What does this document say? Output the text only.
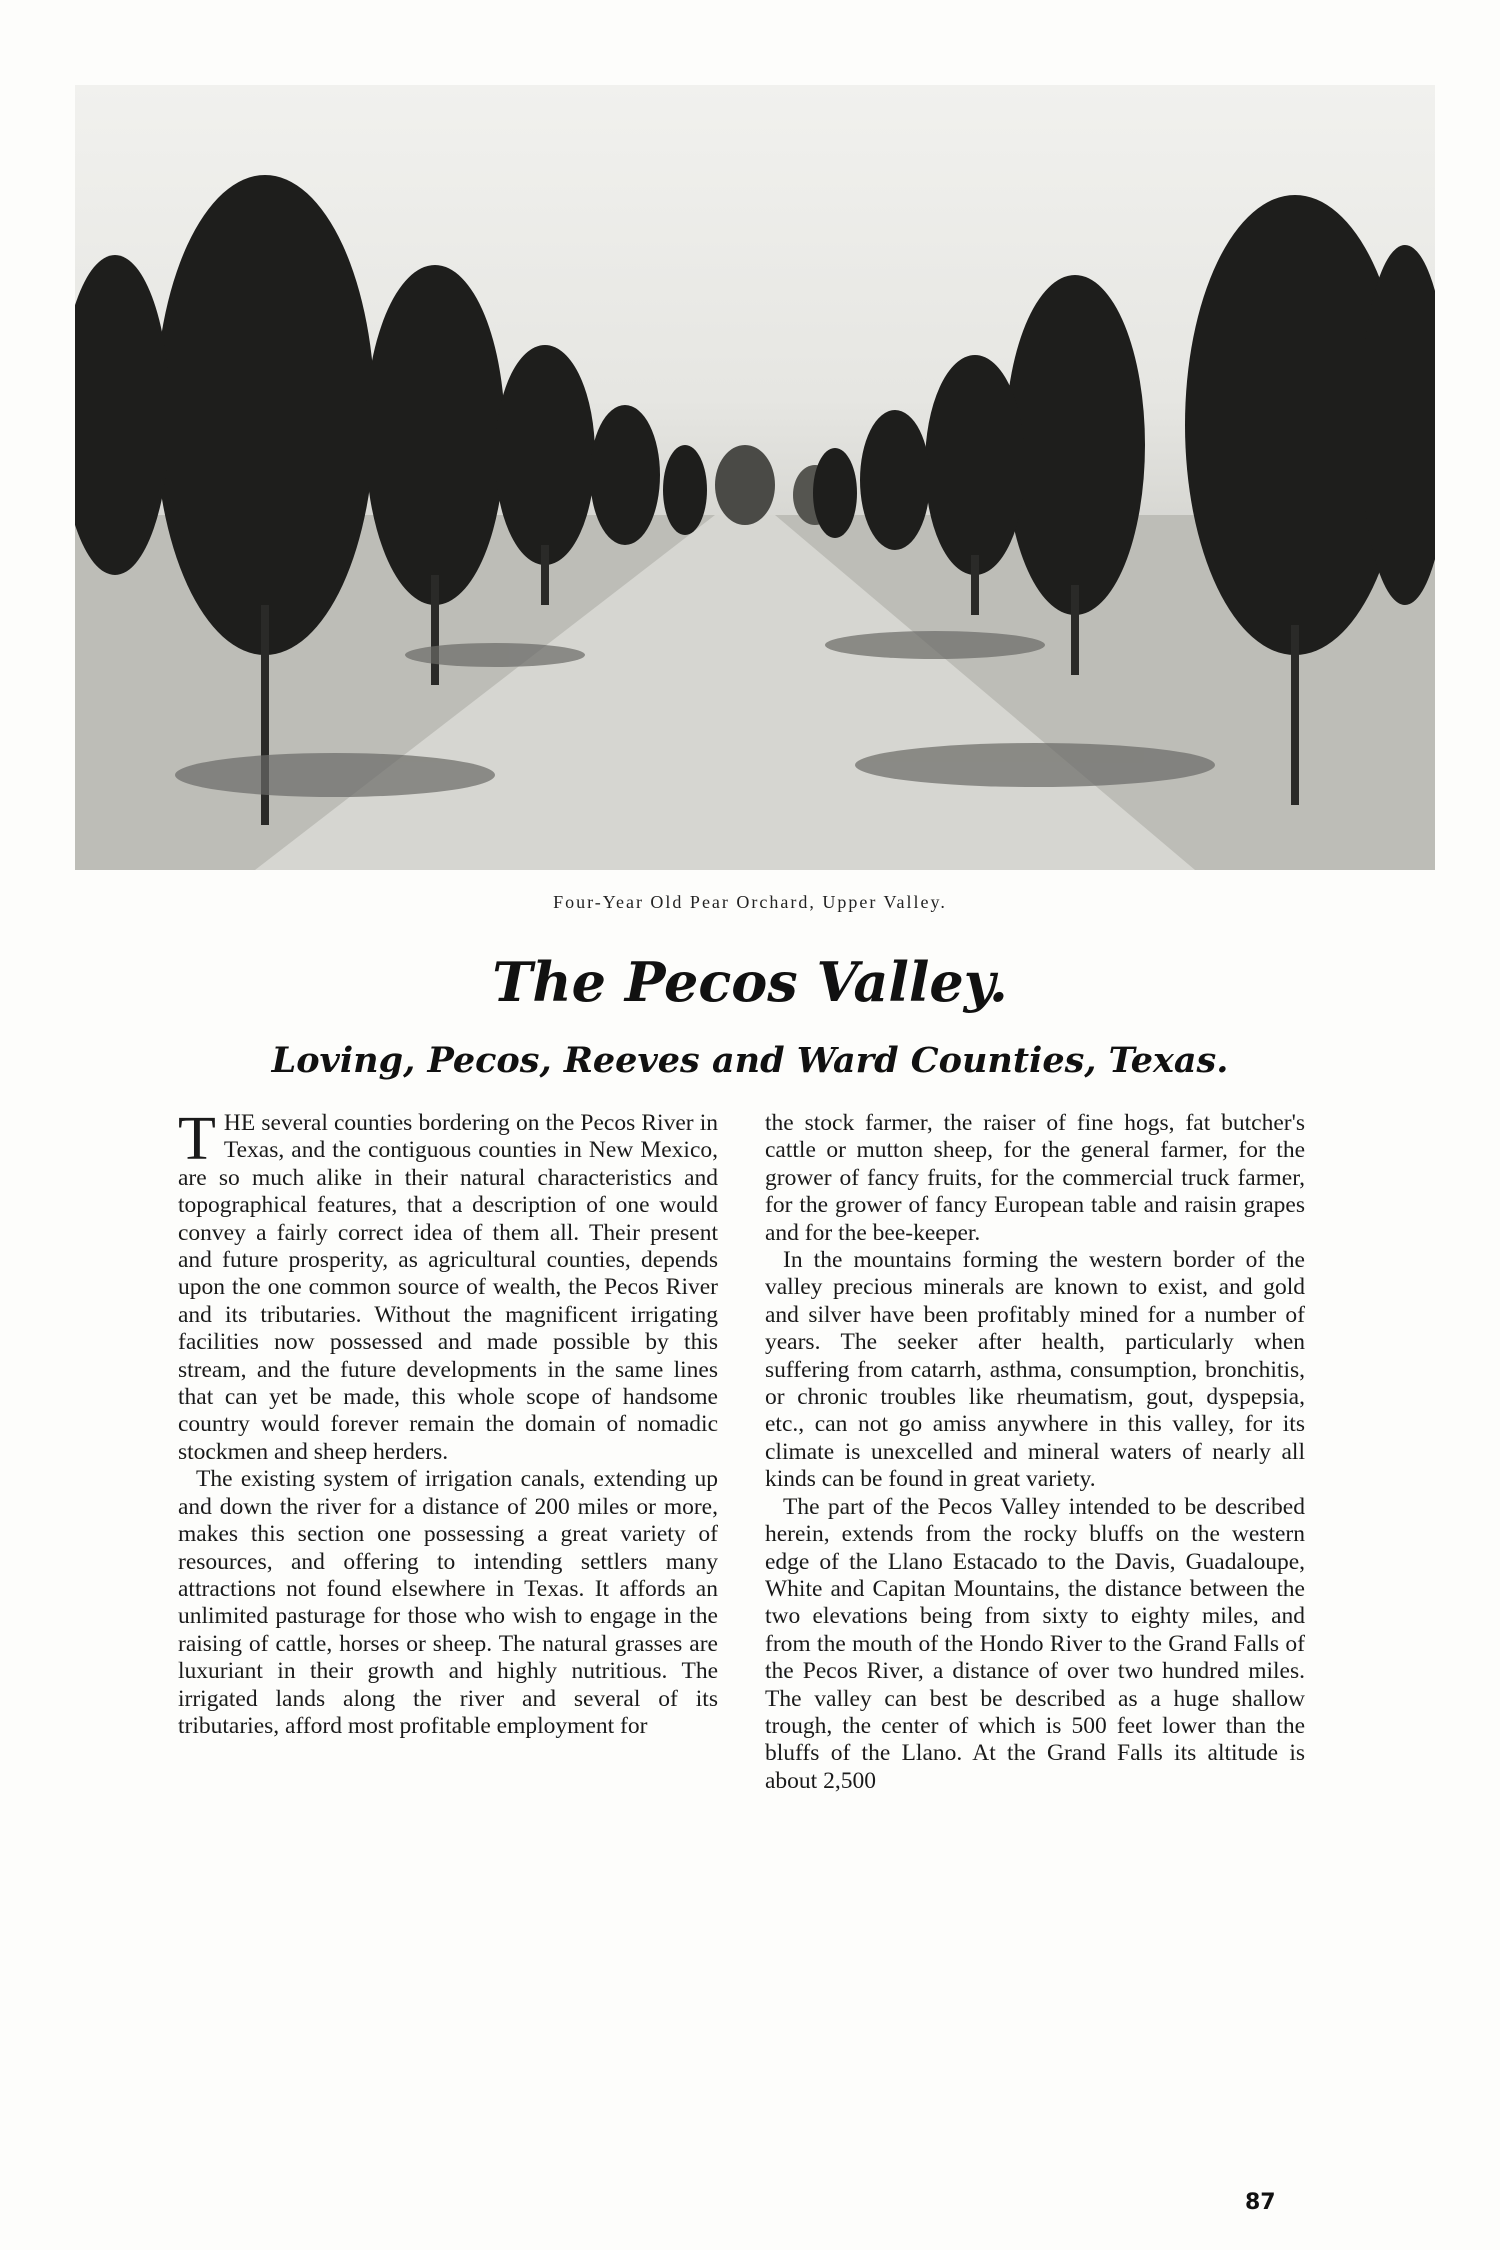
Four-Year Old Pear Orchard, Upper Valley.
The Pecos Valley.
Loving, Pecos, Reeves and Ward Counties, Texas.

THE several counties bordering on the Pecos River in Texas, and the contiguous counties in New Mexico, are so much alike in their natural characteristics and topographical features, that a description of one would convey a fairly correct idea of them all. Their present and future prosperity, as agricultural counties, depends upon the one common source of wealth, the Pecos River and its tributaries. Without the magnificent irrigating facilities now possessed and made possible by this stream, and the future developments in the same lines that can yet be made, this whole scope of handsome country would forever remain the domain of nomadic stockmen and sheep herders.

The existing system of irrigation canals, extending up and down the river for a distance of 200 miles or more, makes this section one possessing a great variety of resources, and offering to intending settlers many attractions not found elsewhere in Texas. It affords an unlimited pasturage for those who wish to engage in the raising of cattle, horses or sheep. The natural grasses are luxuriant in their growth and highly nutritious. The irrigated lands along the river and several of its tributaries, afford most profitable employment for

the stock farmer, the raiser of fine hogs, fat butcher's cattle or mutton sheep, for the general farmer, for the grower of fancy fruits, for the commercial truck farmer, for the grower of fancy European table and raisin grapes and for the bee-keeper.

In the mountains forming the western border of the valley precious minerals are known to exist, and gold and silver have been profitably mined for a number of years. The seeker after health, particularly when suffering from catarrh, asthma, consumption, bronchitis, or chronic troubles like rheumatism, gout, dyspepsia, etc., can not go amiss anywhere in this valley, for its climate is unexcelled and mineral waters of nearly all kinds can be found in great variety.

The part of the Pecos Valley intended to be described herein, extends from the rocky bluffs on the western edge of the Llano Estacado to the Davis, Guadaloupe, White and Capitan Mountains, the distance between the two elevations being from sixty to eighty miles, and from the mouth of the Hondo River to the Grand Falls of the Pecos River, a distance of over two hundred miles. The valley can best be described as a huge shallow trough, the center of which is 500 feet lower than the bluffs of the Llano. At the Grand Falls its altitude is about 2,500

87
